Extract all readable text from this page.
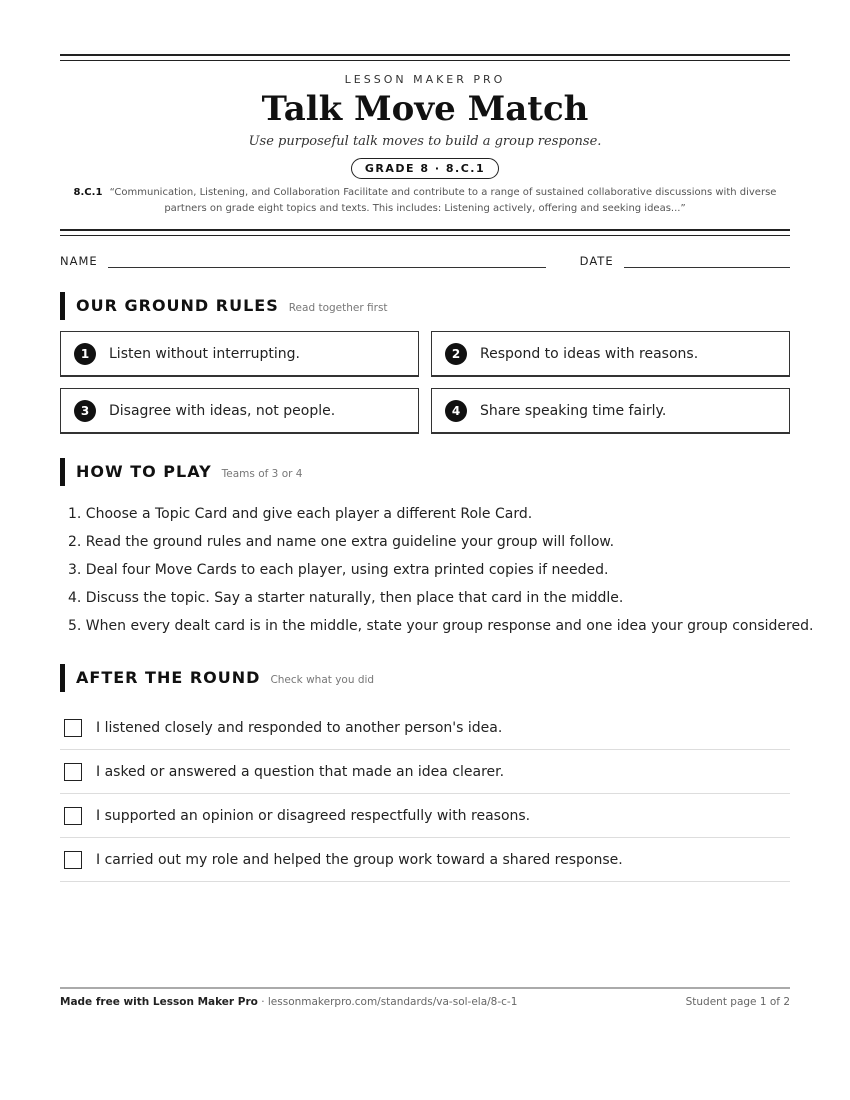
LESSON MAKER PRO
Talk Move Match
Use purposeful talk moves to build a group response.
GRADE 8 · 8.C.1
8.C.1 “Communication, Listening, and Collaboration Facilitate and contribute to a range of sustained collaborative discussions with diverse partners on grade eight topics and texts. This includes: Listening actively, offering and seeking ideas...”
NAME	DATE
OUR GROUND RULES Read together first
1	Listen without interrupting.	2	Respond to ideas with reasons.
3	Disagree with ideas, not people.	4	Share speaking time fairly.
HOW TO PLAY Teams of 3 or 4
1. Choose a Topic Card and give each player a different Role Card.
2. Read the ground rules and name one extra guideline your group will follow.
3. Deal four Move Cards to each player, using extra printed copies if needed.
4. Discuss the topic. Say a starter naturally, then place that card in the middle.
5. When every dealt card is in the middle, state your group response and one idea your group considered.
AFTER THE ROUND Check what you did
I listened closely and responded to another person's idea.
I asked or answered a question that made an idea clearer.
I supported an opinion or disagreed respectfully with reasons.
I carried out my role and helped the group work toward a shared response.
Made free with Lesson Maker Pro · lessonmakerpro.com/standards/va-sol-ela/8-c-1	Student page 1 of 2
